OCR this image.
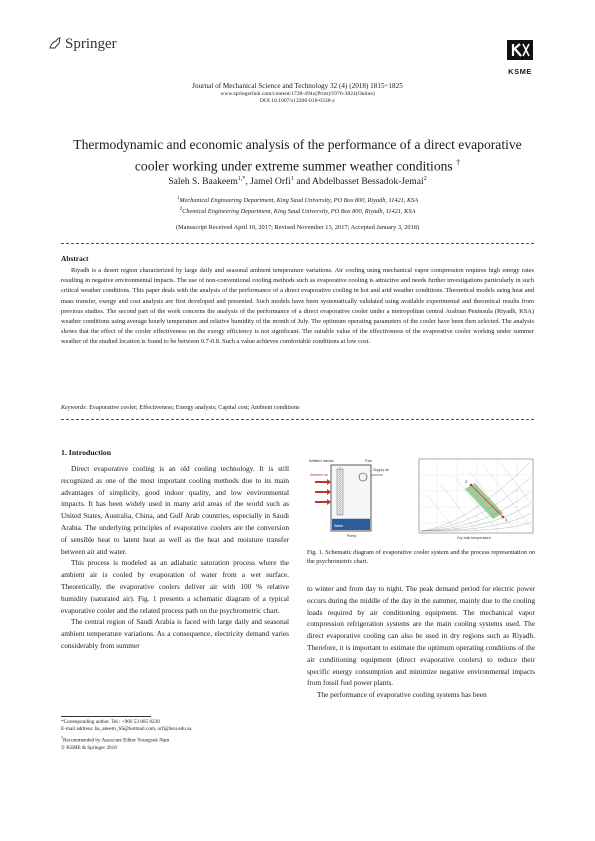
Springer
KSME
Journal of Mechanical Science and Technology 32 (4) (2018) 1815~1825
www.springerlink.com/content/1738-494x(Print)/1976-3824(Online)
DOI 10.1007/s12206-018-0338-y
Thermodynamic and economic analysis of the performance of a direct evaporative
cooler working under extreme summer weather conditions †
Saleh S. Baakeem$^{1,*}$, Jamel Orfi$^1$ and Abdelbasset Bessadok-Jemai$^2$
$^1$Mechanical Engineering Department, King Saud University, PO Box 800, Riyadh, 11421, KSA
$^2$Chemical Engineering Department, King Saud University, PO Box 800, Riyadh, 11421, KSA
(Manuscript Received April 10, 2017; Revised November 13, 2017; Accepted January 3, 2018)
Abstract
Riyadh is a desert region characterized by large daily and seasonal ambient temperature variations. Air cooling using mechanical vapor compression requires high energy rates resulting in negative environmental impacts. The use of non-conventional cooling methods such as evaporative cooling is attractive and needs further investigations particularly in such critical weather conditions. This paper deals with the analysis of the performance of a direct evaporative cooling in hot and arid weather conditions. Theoretical models using heat and mass transfer, exergy and cost analysis are first developed and presented. Such models have been systematically validated using available experimental and theoretical results from previous studies. The second part of the work concerns the analysis of the performance of a direct evaporative cooler under a metropolitan central Arabian Peninsula (Riyadh, KSA) weather conditions using average hourly temperature and relative humidity of the month of July. The optimum operating parameters of the cooler have been then selected. The analysis shows that the effect of the cooler effectiveness on the exergy efficiency is not significant. The suitable value of the effectiveness of the evaporative cooler working under summer weather of the studied location is found to be between 0.7-0.8. Such a value achieves comfortable conditions at low cost.
Keywords: Evaporative cooler; Effectiveness; Exergy analysis; Capital cost; Ambient conditions
1. Introduction

Direct evaporative cooling is an old cooling technology. It is still recognized as one of the most important cooling methods due to its main advantages of simplicity, good indoor quality, and low environmental impacts. It has been widely used in many arid areas of the world such as United States, Australia, China, and Gulf Arab countries, especially in Saudi Arabia. The underlying principles of evaporative coolers are the conversion of sensible heat to latent heat as well as the heat and moisture transfer between air and water.

This process is modeled as an adiabatic saturation process where the ambient air is cooled by evaporation of water from a wet surface. Theoretically, the evaporative coolers deliver air with 100 % relative humidity (saturated air). Fig. 1 presents a schematic diagram of a typical evaporative cooler and the related process path on the psychrometric chart.

The central region of Saudi Arabia is faced with large daily and seasonal ambient temperature variations. As a consequence, electricity demand varies considerably from summer

Wetted media	Fan
Supply air
Ambient air
Pump
Water
1
2
Dry bulb temperature
Fig. 1. Schematic diagram of evaporative cooler system and the process representation on the psychrometric chart.

to winter and from day to night. The peak demand period for electric power occurs during the middle of the day in the summer, mainly due to the cooling loads required by air conditioning equipment. The mechanical vapor compression refrigeration systems are the main cooling systems used. The direct evaporative cooling can also be used in dry regions such as Riyadh. Therefore, it is important to estimate the optimum operating conditions of the air conditioning equipment (direct evaporative coolers) to reduce their specific energy consumption and minimize negative environmental impacts from fossil fuel power plants.

The performance of evaporative cooling systems has been

*Corresponding author. Tel.: +966 53 805 8230
E-mail address: ba_akeem_SS@hotmail.com, orfi@ksu.edu.sa
†Recommended by Associate Editor Youngsuk Nam
© KSME & Springer 2018
